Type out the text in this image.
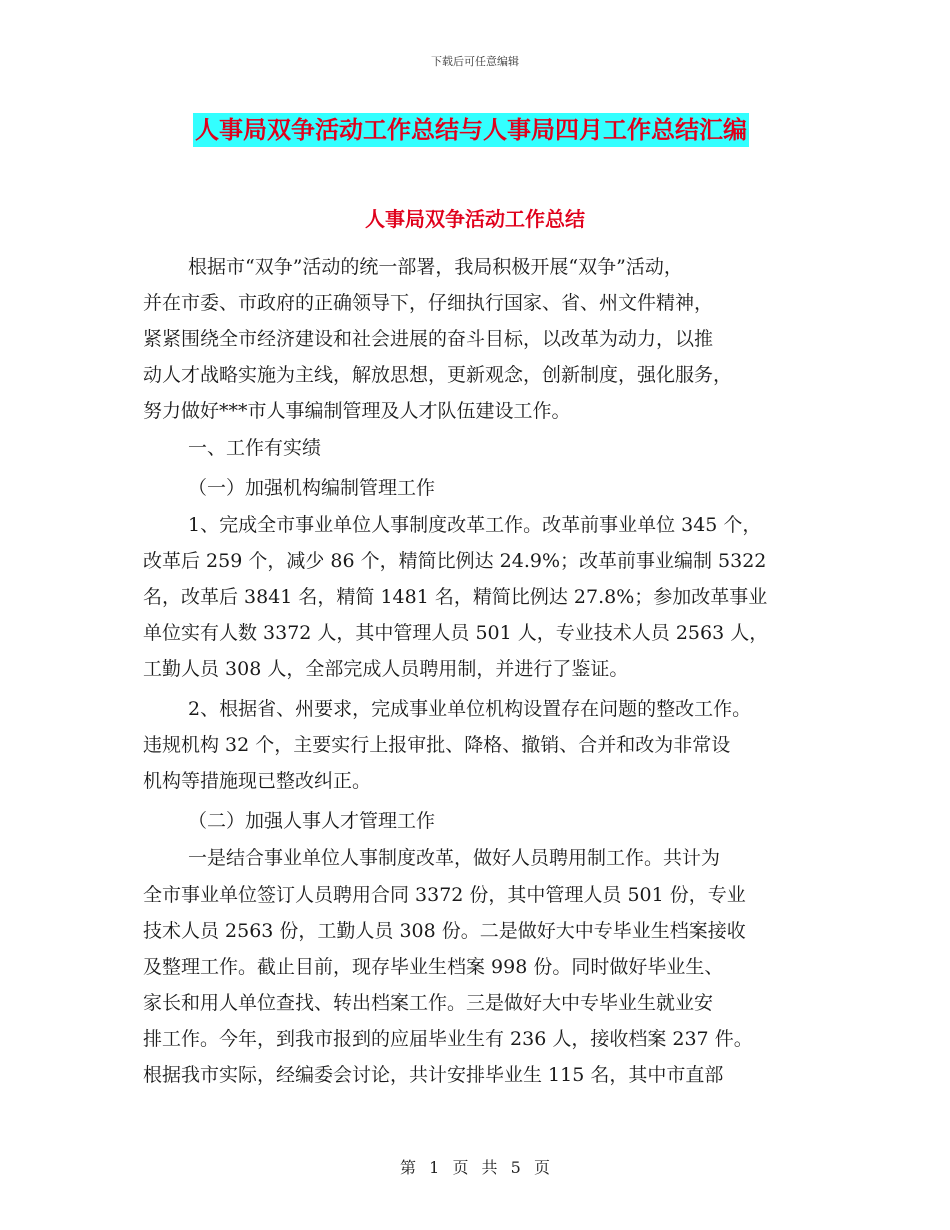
下载后可任意编辑
人事局双争活动工作总结与人事局四月工作总结汇编
人事局双争活动工作总结
根据市“双争”活动的统一部署，我局积极开展“双争”活动，
并在市委、市政府的正确领导下，仔细执行国家、省、州文件精神，
紧紧围绕全市经济建设和社会进展的奋斗目标，以改革为动力，以推
动人才战略实施为主线，解放思想，更新观念，创新制度，强化服务，
努力做好***市人事编制管理及人才队伍建设工作。
一、工作有实绩
（一）加强机构编制管理工作
1、完成全市事业单位人事制度改革工作。改革前事业单位 345 个，
改革后 259 个，减少 86 个，精简比例达 24.9%；改革前事业编制 5322
名，改革后 3841 名，精简 1481 名，精简比例达 27.8%；参加改革事业
单位实有人数 3372 人，其中管理人员 501 人，专业技术人员 2563 人，
工勤人员 308 人，全部完成人员聘用制，并进行了鉴证。
2、根据省、州要求，完成事业单位机构设置存在问题的整改工作。
违规机构 32 个，主要实行上报审批、降格、撤销、合并和改为非常设
机构等措施现已整改纠正。
（二）加强人事人才管理工作
一是结合事业单位人事制度改革，做好人员聘用制工作。共计为
全市事业单位签订人员聘用合同 3372 份，其中管理人员 501 份，专业
技术人员 2563 份，工勤人员 308 份。二是做好大中专毕业生档案接收
及整理工作。截止目前，现存毕业生档案 998 份。同时做好毕业生、
家长和用人单位查找、转出档案工作。三是做好大中专毕业生就业安
排工作。今年，到我市报到的应届毕业生有 236 人，接收档案 237 件。
根据我市实际，经编委会讨论，共计安排毕业生 115 名，其中市直部
第 1 页 共 5 页
